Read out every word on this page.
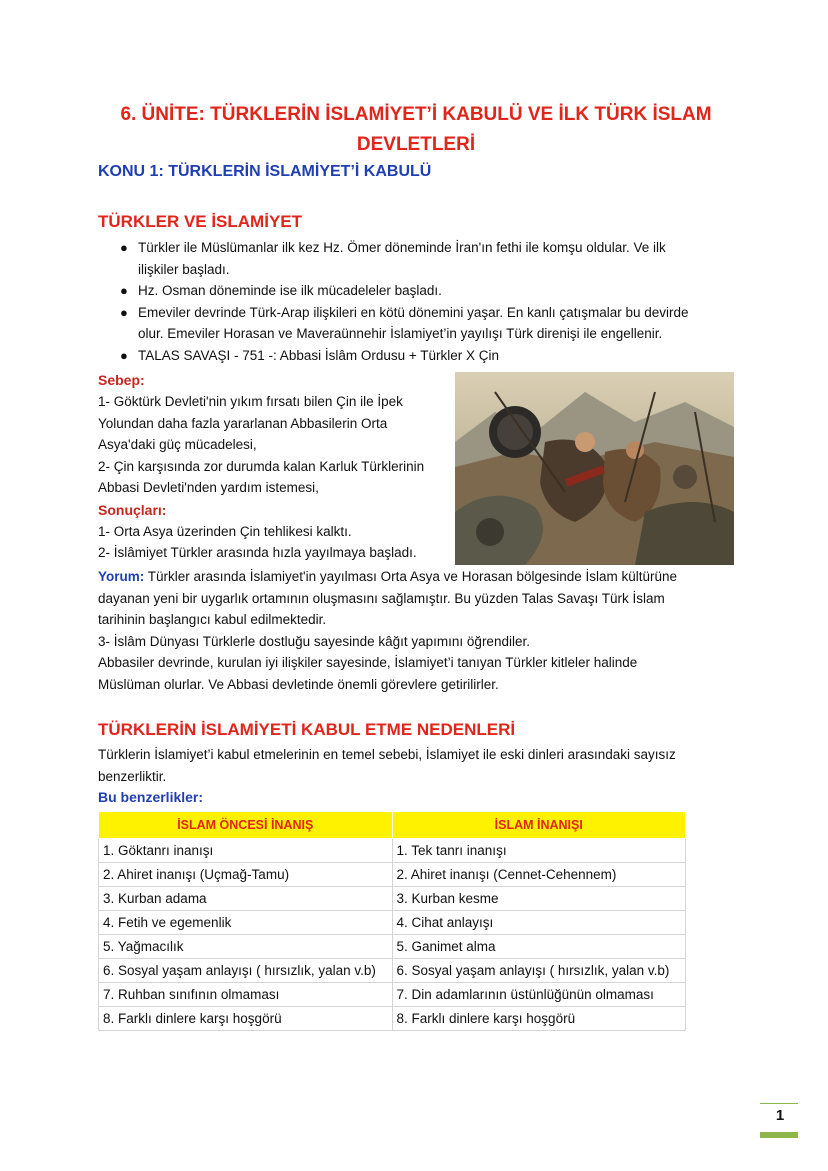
6. ÜNİTE: TÜRKLERİN İSLAMİYET’İ KABULÜ VE İLK TÜRK İSLAM
DEVLETLERİ
KONU 1: TÜRKLERİN İSLAMİYET’İ KABULÜ
TÜRKLER VE İSLAMİYET
● Türkler ile Müslümanlar ilk kez Hz. Ömer döneminde İran'ın fethi ile komşu oldular. Ve ilk
ilişkiler başladı.
● Hz. Osman döneminde ise ilk mücadeleler başladı.
● Emeviler devrinde Türk-Arap ilişkileri en kötü dönemini yaşar. En kanlı çatışmalar bu devirde
olur. Emeviler Horasan ve Maveraünnehir İslamiyet’in yayılışı Türk direnişi ile engellenir.
● TALAS SAVAŞI - 751 -: Abbasi İslâm Ordusu + Türkler X Çin
Sebep:
1- Göktürk Devleti'nin yıkım fırsatı bilen Çin ile İpek
Yolundan daha fazla yararlanan Abbasilerin Orta
Asya'daki güç mücadelesi,
2- Çin karşısında zor durumda kalan Karluk Türklerinin
Abbasi Devleti'nden yardım istemesi,
Sonuçları:
1- Orta Asya üzerinden Çin tehlikesi kalktı.
2- İslâmiyet Türkler arasında hızla yayılmaya başladı.
Yorum: Türkler arasında İslamiyet'in yayılması Orta Asya ve Horasan bölgesinde İslam kültürüne
dayanan yeni bir uygarlık ortamının oluşmasını sağlamıştır. Bu yüzden Talas Savaşı Türk İslam
tarihinin başlangıcı kabul edilmektedir.
3- İslâm Dünyası Türklerle dostluğu sayesinde kâğıt yapımını öğrendiler.
Abbasiler devrinde, kurulan iyi ilişkiler sayesinde, İslamiyet’i tanıyan Türkler kitleler halinde
Müslüman olurlar. Ve Abbasi devletinde önemli görevlere getirilirler.
TÜRKLERİN İSLAMİYETİ KABUL ETME NEDENLERİ
Türklerin İslamiyet’i kabul etmelerinin en temel sebebi, İslamiyet ile eski dinleri arasındaki sayısız
benzerliktir.
Bu benzerlikler:
İSLAM ÖNCESİ İNANIŞ	İSLAM İNANIŞI
1. Göktanrı inanışı	1. Tek tanrı inanışı
2. Ahiret inanışı (Uçmağ-Tamu)	2. Ahiret inanışı (Cennet-Cehennem)
3. Kurban adama	3. Kurban kesme
4. Fetih ve egemenlik	4. Cihat anlayışı
5. Yağmacılık	5. Ganimet alma
6. Sosyal yaşam anlayışı ( hırsızlık, yalan v.b)	6. Sosyal yaşam anlayışı ( hırsızlık, yalan v.b)
7. Ruhban sınıfının olmaması	7. Din adamlarının üstünlüğünün olmaması
8. Farklı dinlere karşı hoşgörü	8. Farklı dinlere karşı hoşgörü
1
